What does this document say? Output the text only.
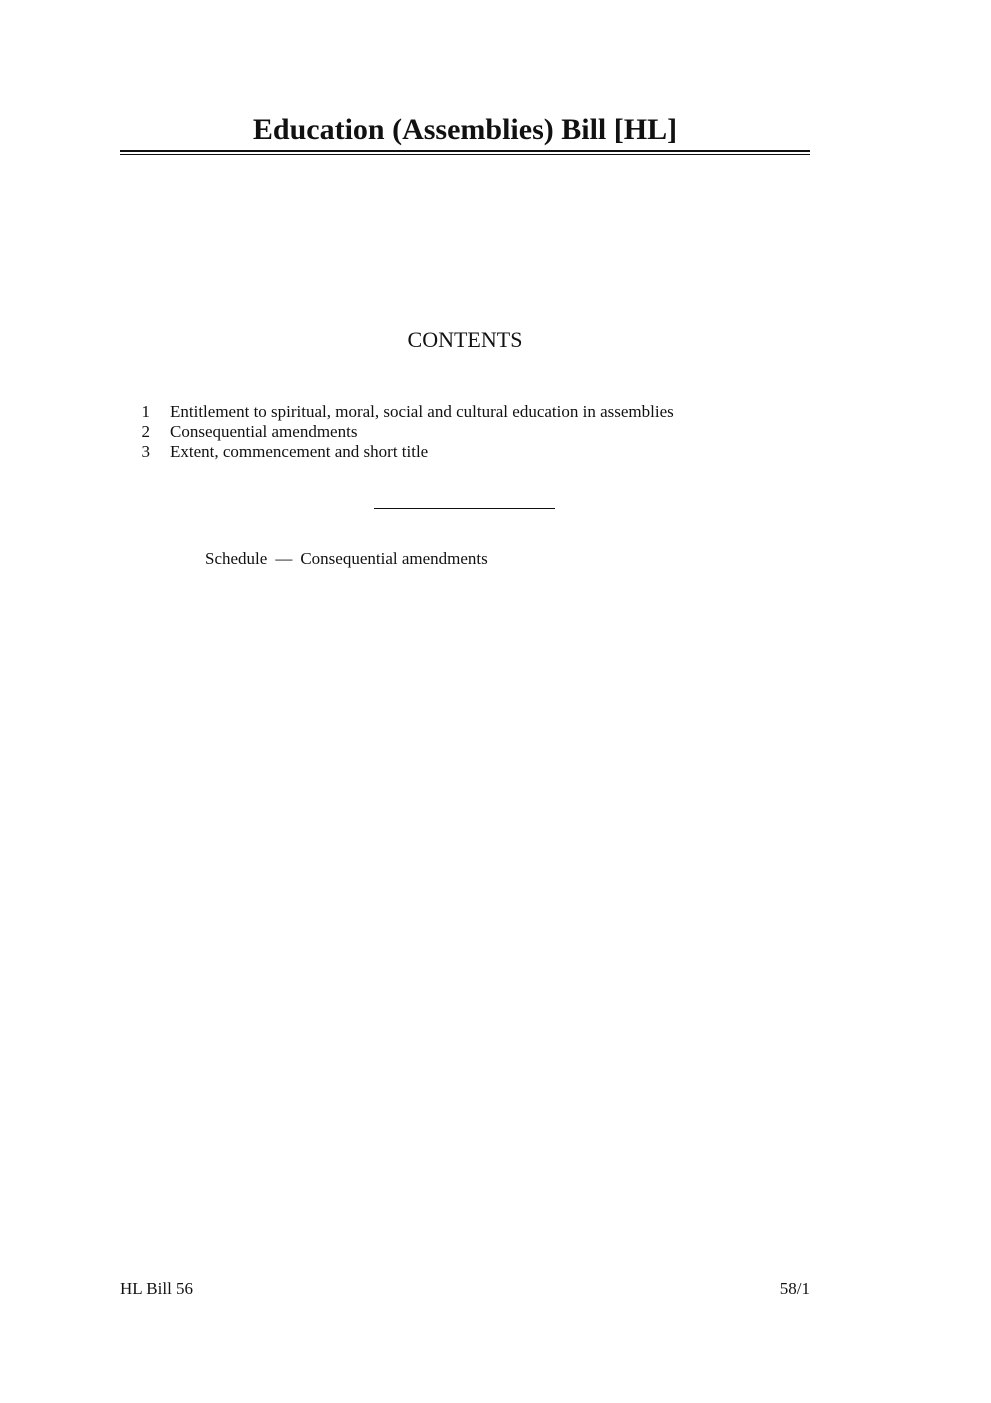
Education (Assemblies) Bill [HL]
CONTENTS
1	Entitlement to spiritual, moral, social and cultural education in assemblies
2	Consequential amendments
3	Extent, commencement and short title
Schedule — Consequential amendments
HL Bill 56	58/1
